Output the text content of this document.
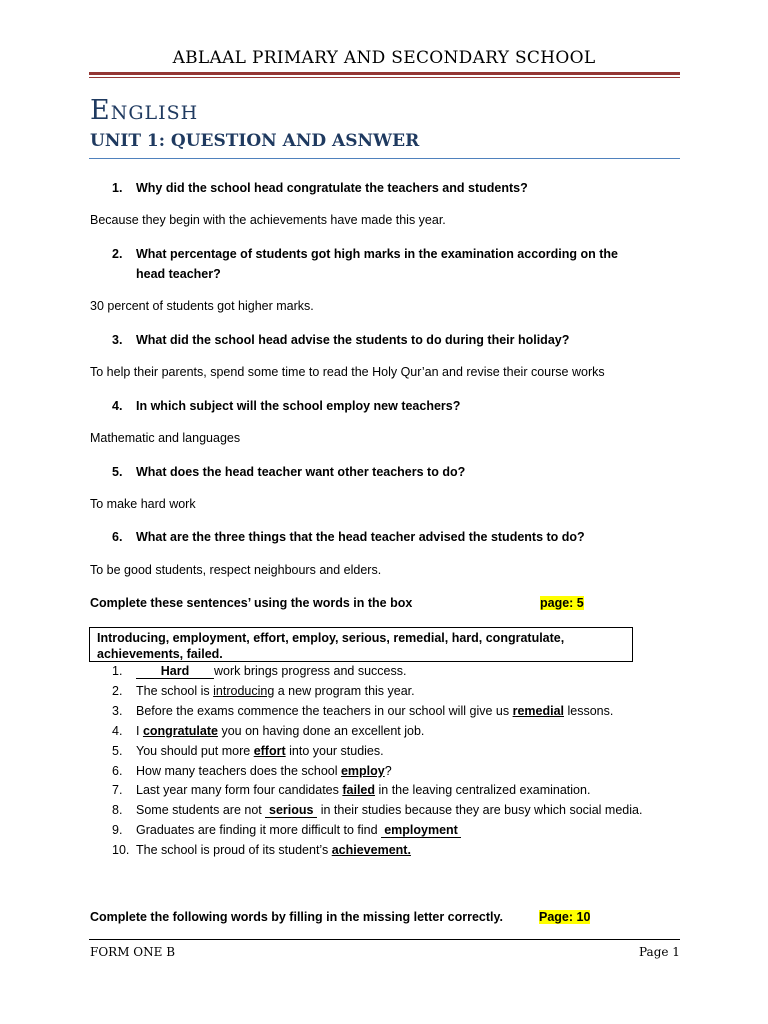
ABLAAL PRIMARY AND SECONDARY SCHOOL
English
UNIT 1: QUESTION AND ASNWER
1. Why did the school head congratulate the teachers and students?
Because they begin with the achievements have made this year.
2. What percentage of students got high marks in the examination according on the head teacher?
30 percent of students got higher marks.
3. What did the school head advise the students to do during their holiday?
To help their parents, spend some time to read the Holy Qur’an and revise their course works
4. In which subject will the school employ new teachers?
Mathematic and languages
5. What does the head teacher want other teachers to do?
To make hard work
6. What are the three things that the head teacher advised the students to do?
To be good students, respect neighbours and elders.
Complete these sentences’ using the words in the box	page: 5
Introducing, employment, effort, employ, serious, remedial, hard, congratulate, achievements, failed.
1.	Hard work brings progress and success.
2. The school is introducing a new program this year.
3. Before the exams commence the teachers in our school will give us remedial lessons.
4. I congratulate you on having done an excellent job.
5. You should put more effort into your studies.
6. How many teachers does the school employ?
7. Last year many form four candidates failed in the leaving centralized examination.
8. Some students are not serious in their studies because they are busy which social media.
9. Graduates are finding it more difficult to find employment
10. The school is proud of its student’s achievement.
Complete the following words by filling in the missing letter correctly.	Page: 10
FORM ONE B	Page 1
